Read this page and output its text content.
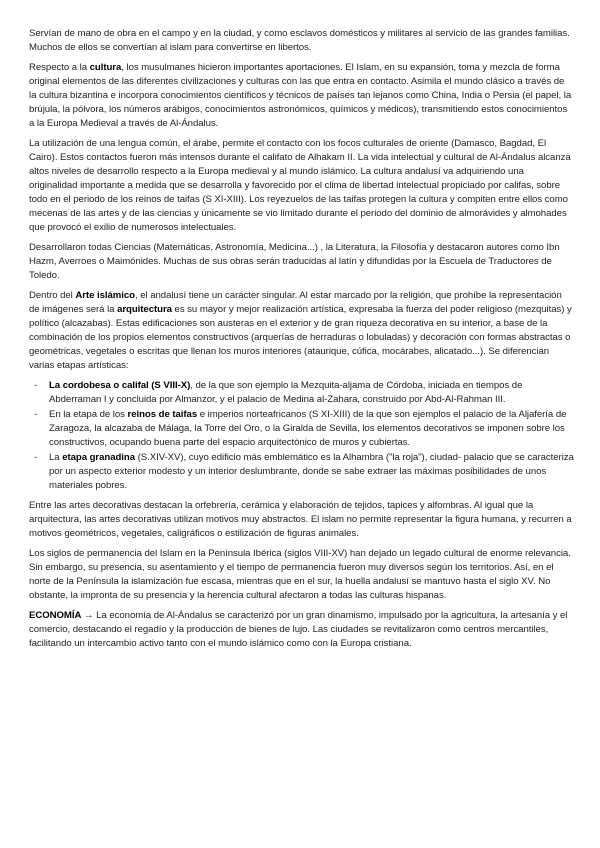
Servían de mano de obra en el campo y en la ciudad, y como esclavos domésticos y militares al servicio de las grandes familias. Muchos de ellos se convertían al islam para convertirse en libertos.

Respecto a la cultura, los musulmanes hicieron importantes aportaciones. El Islam, en su expansión, toma y mezcla de forma original elementos de las diferentes civilizaciones y culturas con las que entra en contacto. Asimila el mundo clásico a través de la cultura bizantina e incorpora conocimientos científicos y técnicos de países tan lejanos como China, India o Persia (el papel, la brújula, la pólvora, los números arábigos, conocimientos astronómicos, químicos y médicos), transmitiendo estos conocimientos a la Europa Medieval a través de Al-Ándalus.

La utilización de una lengua común, el árabe, permite el contacto con los focos culturales de oriente (Damasco, Bagdad, El Cairo). Estos contactos fueron más intensos durante el califato de Alhakam II. La vida intelectual y cultural de Al-Ándalus alcanza altos niveles de desarrollo respecto a la Europa medieval y al mundo islámico. La cultura andalusí va adquiriendo una originalidad importante a medida que se desarrolla y favorecido por el clima de libertad intelectual propiciado por califas, sobre todo en el periodo de los reinos de taifas (S XI-XIII). Los reyezuelos de las taifas protegen la cultura y compiten entre ellos como mecenas de las artes y de las ciencias y únicamente se vio limitado durante el periodo del dominio de almorávides y almohades que provocó el exilio de numerosos intelectuales.

Desarrollaron todas Ciencias (Matemáticas, Astronomía, Medicina...) , la Literatura, la Filosofía y destacaron autores como Ibn Hazm, Averroes o Maimónides. Muchas de sus obras serán traducidas al latín y difundidas por la Escuela de Traductores de Toledo.

Dentro del Arte islámico, el andalusí tiene un carácter singular. Al estar marcado por la religión, que prohíbe la representación de imágenes será la arquitectura es su mayor y mejor realización artística, expresaba la fuerza del poder religioso (mezquitas) y político (alcazabas). Estas edificaciones son austeras en el exterior y de gran riqueza decorativa en su interior, a base de la combinación de los propios elementos constructivos (arquerías de herraduras o lobuladas) y decoración con formas abstractas o geométricas, vegetales o escritas que llenan los muros interiores (ataurique, cúfica, mocárabes, alicatado...). Se diferencian varias etapas artísticas:

- La cordobesa o califal (S VIII-X), de la que son ejemplo la Mezquita-aljama de Córdoba, iniciada en tiempos de Abderraman I y concluida por Almanzor, y el palacio de Medina al-Zahara, construido por Abd-Al-Rahman III.
- En la etapa de los reinos de taifas e imperios norteafricanos (S XI-XIII) de la que son ejemplos el palacio de la Aljafería de Zaragoza, la alcazaba de Málaga, la Torre del Oro, o la Giralda de Sevilla, los elementos decorativos se imponen sobre los constructivos, ocupando buena parte del espacio arquitectónico de muros y cubiertas.
- La etapa granadina (S.XIV-XV), cuyo edificio más emblemático es la Alhambra ("la roja"), ciudad- palacio que se caracteriza por un aspecto exterior modesto y un interior deslumbrante, donde se sabe extraer las máximas posibilidades de unos materiales pobres.

Entre las artes decorativas destacan la orfebrería, cerámica y elaboración de tejidos, tapices y alfombras. Al igual que la arquitectura, las artes decorativas utilizan motivos muy abstractos. El islam no permite representar la figura humana, y recurren a motivos geométricos, vegetales, caligráficos o estilización de figuras animales.

Los siglos de permanencia del Islam en la Península Ibérica (siglos VIII-XV) han dejado un legado cultural de enorme relevancia. Sin embargo, su presencia, su asentamiento y el tiempo de permanencia fueron muy diversos según los territorios. Así, en el norte de la Península la islamización fue escasa, mientras que en el sur, la huella andalusí se mantuvo hasta el siglo XV. No obstante, la impronta de su presencia y la herencia cultural afectaron a todas las culturas hispanas.

ECONOMÍA → La economía de Al-Ándalus se caracterizó por un gran dinamismo, impulsado por la agricultura, la artesanía y el comercio, destacando el regadío y la producción de bienes de lujo. Las ciudades se revitalizaron como centros mercantiles, facilitando un intercambio activo tanto con el mundo islámico como con la Europa cristiana.
